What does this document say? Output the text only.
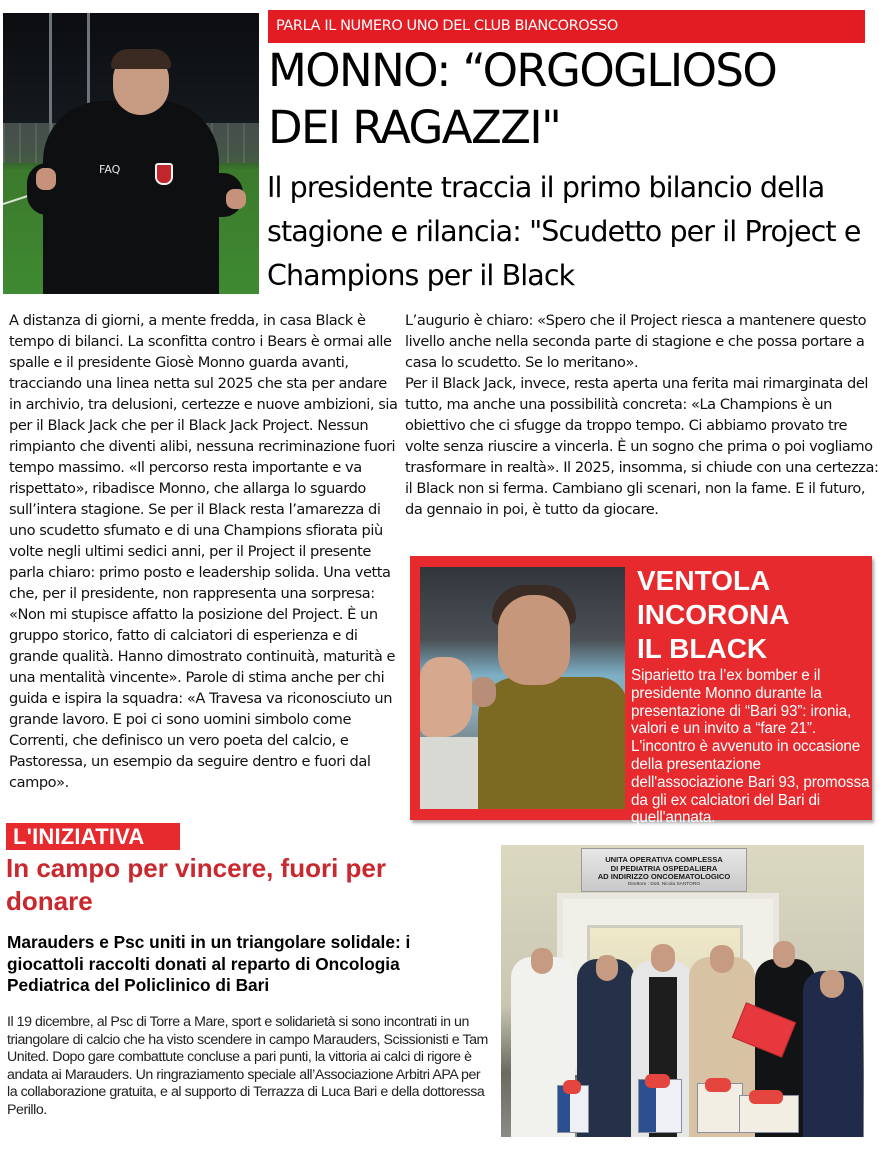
FAQ
PARLA IL NUMERO UNO DEL CLUB BIANCOROSSO
MONNO: “ORGOGLIOSO
DEI RAGAZZI"
Il presidente traccia il primo bilancio della stagione e rilancia: "Scudetto per il Project e Champions per il Black

A distanza di giorni, a mente fredda, in casa Black è tempo di bilanci. La sconfitta contro i Bears è ormai alle spalle e il presidente Giosè Monno guarda avanti, tracciando una linea netta sul 2025 che sta per andare in archivio, tra delusioni, certezze e nuove ambizioni, sia per il Black Jack che per il Black Jack Project. Nessun rimpianto che diventi alibi, nessuna recriminazione fuori tempo massimo. «Il percorso resta importante e va rispettato», ribadisce Monno, che allarga lo sguardo sull’intera stagione. Se per il Black resta l’amarezza di uno scudetto sfumato e di una Champions sfiorata più volte negli ultimi sedici anni, per il Project il presente parla chiaro: primo posto e leadership solida. Una vetta che, per il presidente, non rappresenta una sorpresa: «Non mi stupisce affatto la posizione del Project. È un gruppo storico, fatto di calciatori di esperienza e di grande qualità. Hanno dimostrato continuità, maturità e una mentalità vincente». Parole di stima anche per chi guida e ispira la squadra: «A Travesa va riconosciuto un grande lavoro. E poi ci sono uomini simbolo come Correnti, che definisco un vero poeta del calcio, e Pastoressa, un esempio da seguire dentro e fuori dal campo».

L’augurio è chiaro: «Spero che il Project riesca a mantenere questo livello anche nella seconda parte di stagione e che possa portare a casa lo scudetto. Se lo meritano».

Per il Black Jack, invece, resta aperta una ferita mai rimarginata del tutto, ma anche una possibilità concreta: «La Champions è un obiettivo che ci sfugge da troppo tempo. Ci abbiamo provato tre volte senza riuscire a vincerla. È un sogno che prima o poi vogliamo trasformare in realtà». Il 2025, insomma, si chiude con una certezza: il Black non si ferma. Cambiano gli scenari, non la fame. E il futuro, da gennaio in poi, è tutto da giocare.

VENTOLA
INCORONA
IL BLACK

Siparietto tra l’ex bomber e il presidente Monno durante la presentazione di “Bari 93”: ironia, valori e un invito a “fare 21”. L'incontro è avvenuto in occasione della presentazione dell'associazione Bari 93, promossa da gli ex calciatori del Bari di quell'annata.

L'INIZIATIVA
In campo per vincere, fuori per donare
Marauders e Psc uniti in un triangolare solidale: i giocattoli raccolti donati al reparto di Oncologia Pediatrica del Policlinico di Bari

Il 19 dicembre, al Psc di Torre a Mare, sport e solidarietà si sono incontrati in un triangolare di calcio che ha visto scendere in campo Marauders, Scissionisti e Tam United. Dopo gare combattute concluse a pari punti, la vittoria ai calci di rigore è andata ai Marauders. Un ringraziamento speciale all’Associazione Arbitri APA per la collaborazione gratuita, e al supporto di Terrazza di Luca Bari e della dottoressa Perillo.

UNITA OPERATIVA COMPLESSA
DI PEDIATRIA OSPEDALIERA
AD INDIRIZZO ONCOEMATOLOGICO
Direttore : Dott. Nicola SANTORO
